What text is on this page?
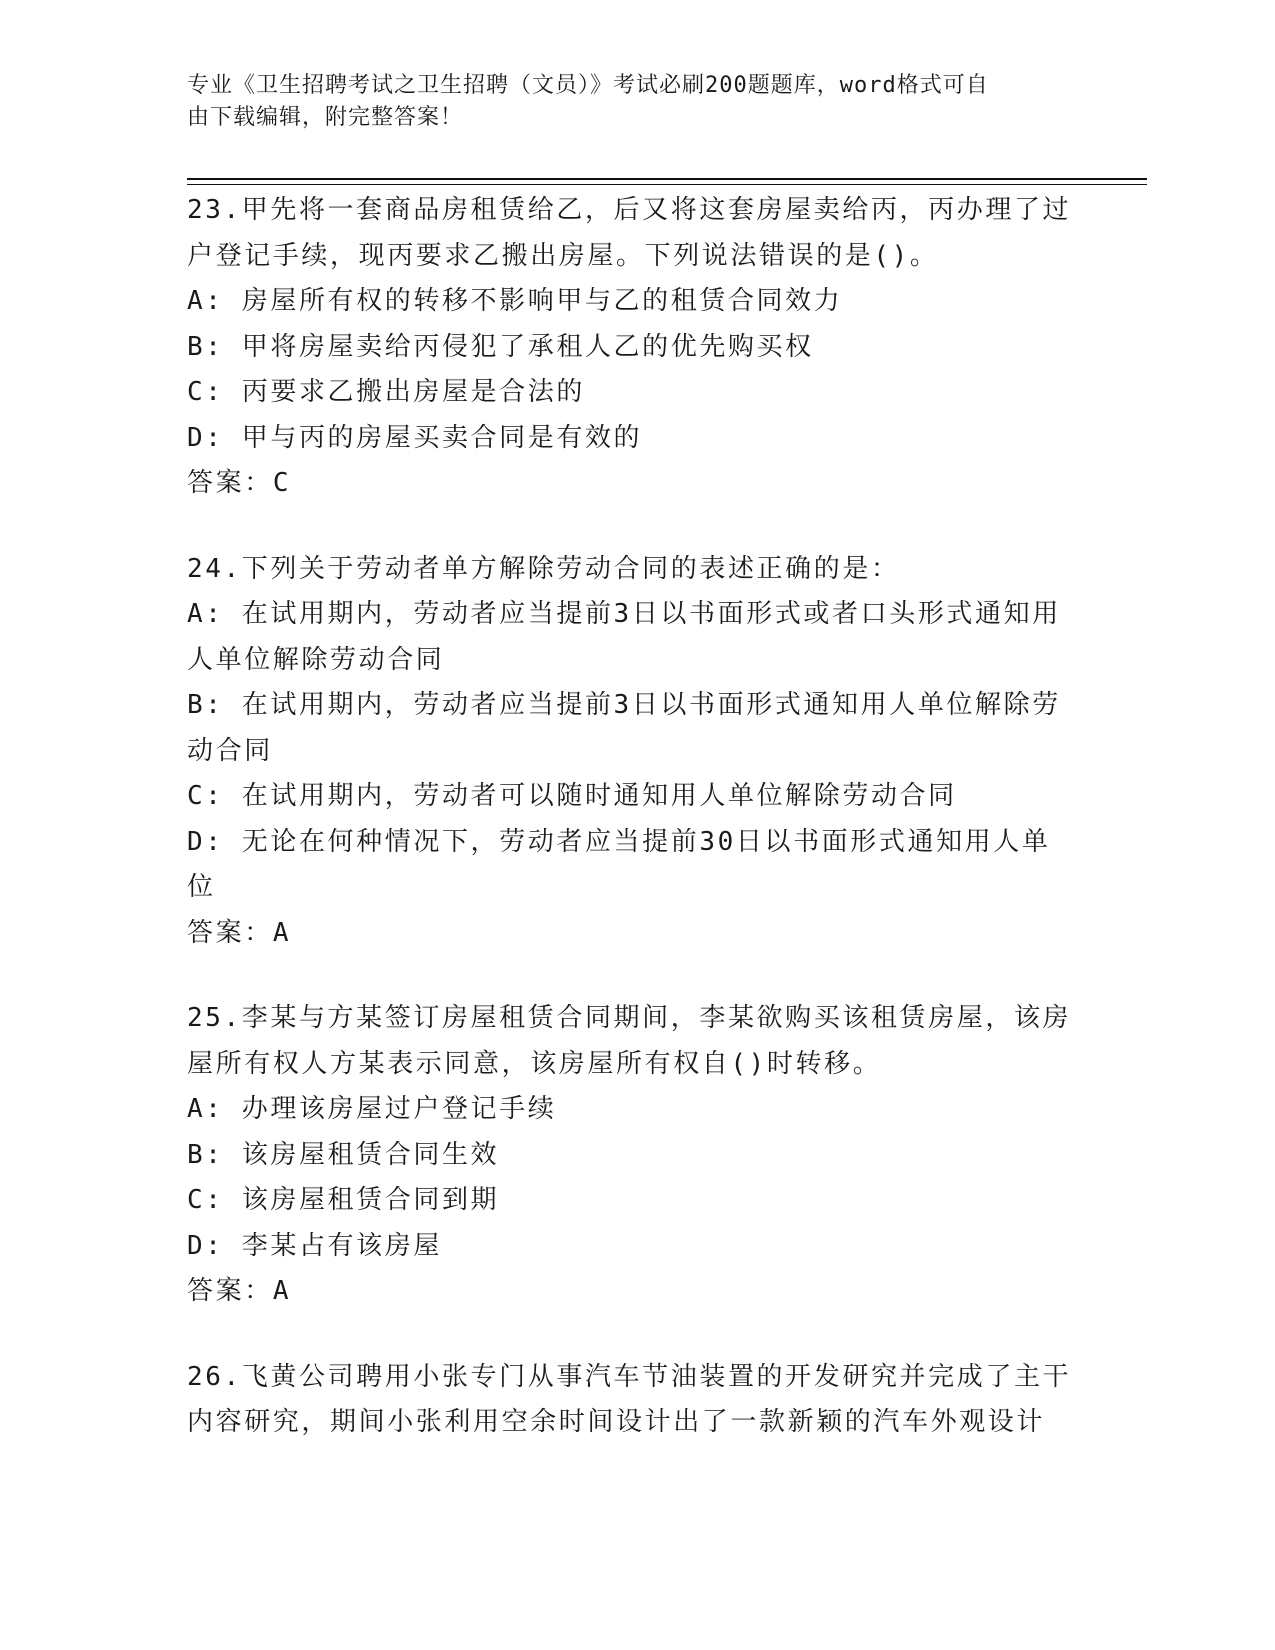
专业《卫生招聘考试之卫生招聘（文员）》考试必刷200题题库，word格式可自
由下载编辑，附完整答案！

23.甲先将一套商品房租赁给乙，后又将这套房屋卖给丙，丙办理了过

户登记手续，现丙要求乙搬出房屋。下列说法错误的是()。

A: 房屋所有权的转移不影响甲与乙的租赁合同效力

B: 甲将房屋卖给丙侵犯了承租人乙的优先购买权

C: 丙要求乙搬出房屋是合法的

D: 甲与丙的房屋买卖合同是有效的

答案：C

24.下列关于劳动者单方解除劳动合同的表述正确的是：

A: 在试用期内，劳动者应当提前3日以书面形式或者口头形式通知用

人单位解除劳动合同

B: 在试用期内，劳动者应当提前3日以书面形式通知用人单位解除劳

动合同

C: 在试用期内，劳动者可以随时通知用人单位解除劳动合同

D: 无论在何种情况下，劳动者应当提前30日以书面形式通知用人单

位

答案：A

25.李某与方某签订房屋租赁合同期间，李某欲购买该租赁房屋，该房

屋所有权人方某表示同意，该房屋所有权自()时转移。

A: 办理该房屋过户登记手续

B: 该房屋租赁合同生效

C: 该房屋租赁合同到期

D: 李某占有该房屋

答案：A

26.飞黄公司聘用小张专门从事汽车节油装置的开发研究并完成了主干

内容研究，期间小张利用空余时间设计出了一款新颖的汽车外观设计
